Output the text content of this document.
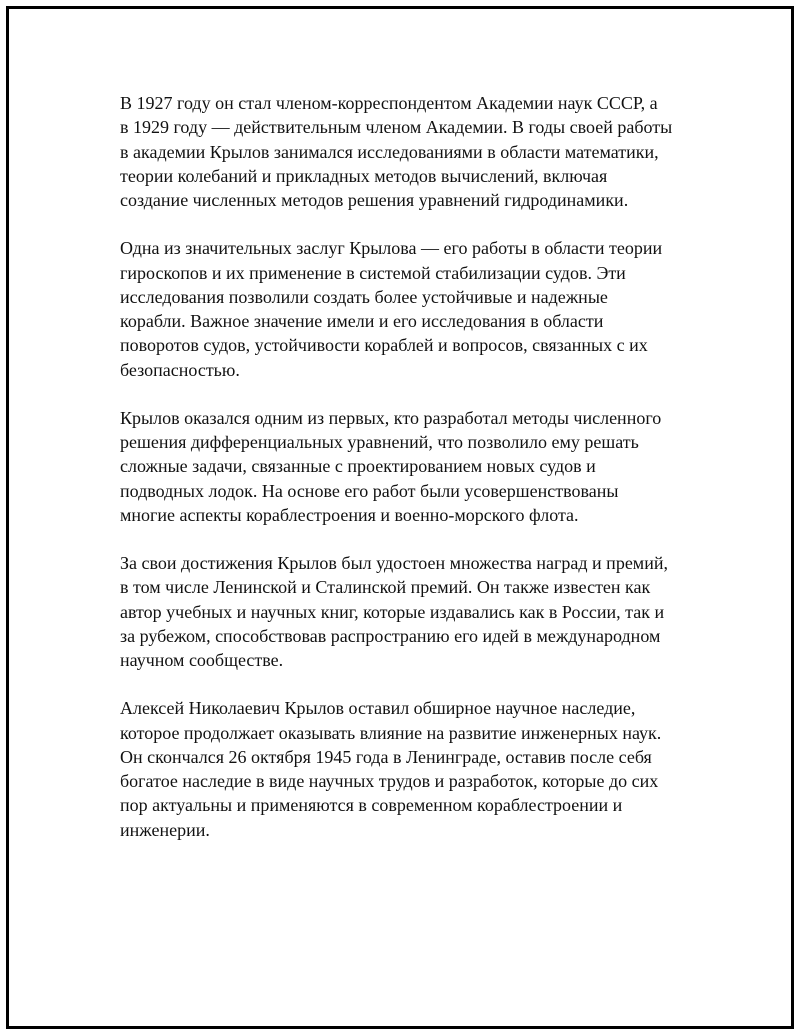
В 1927 году он стал членом-корреспондентом Академии наук СССР, а
в 1929 году — действительным членом Академии. В годы своей работы
в академии Крылов занимался исследованиями в области математики,
теории колебаний и прикладных методов вычислений, включая
создание численных методов решения уравнений гидродинамики.

Одна из значительных заслуг Крылова — его работы в области теории
гироскопов и их применение в системой стабилизации судов. Эти
исследования позволили создать более устойчивые и надежные
корабли. Важное значение имели и его исследования в области
поворотов судов, устойчивости кораблей и вопросов, связанных с их
безопасностью.

Крылов оказался одним из первых, кто разработал методы численного
решения дифференциальных уравнений, что позволило ему решать
сложные задачи, связанные с проектированием новых судов и
подводных лодок. На основе его работ были усовершенствованы
многие аспекты кораблестроения и военно-морского флота.

За свои достижения Крылов был удостоен множества наград и премий,
в том числе Ленинской и Сталинской премий. Он также известен как
автор учебных и научных книг, которые издавались как в России, так и
за рубежом, способствовав распространию его идей в международном
научном сообществе.

Алексей Николаевич Крылов оставил обширное научное наследие,
которое продолжает оказывать влияние на развитие инженерных наук.
Он скончался 26 октября 1945 года в Ленинграде, оставив после себя
богатое наследие в виде научных трудов и разработок, которые до сих
пор актуальны и применяются в современном кораблестроении и
инженерии.
